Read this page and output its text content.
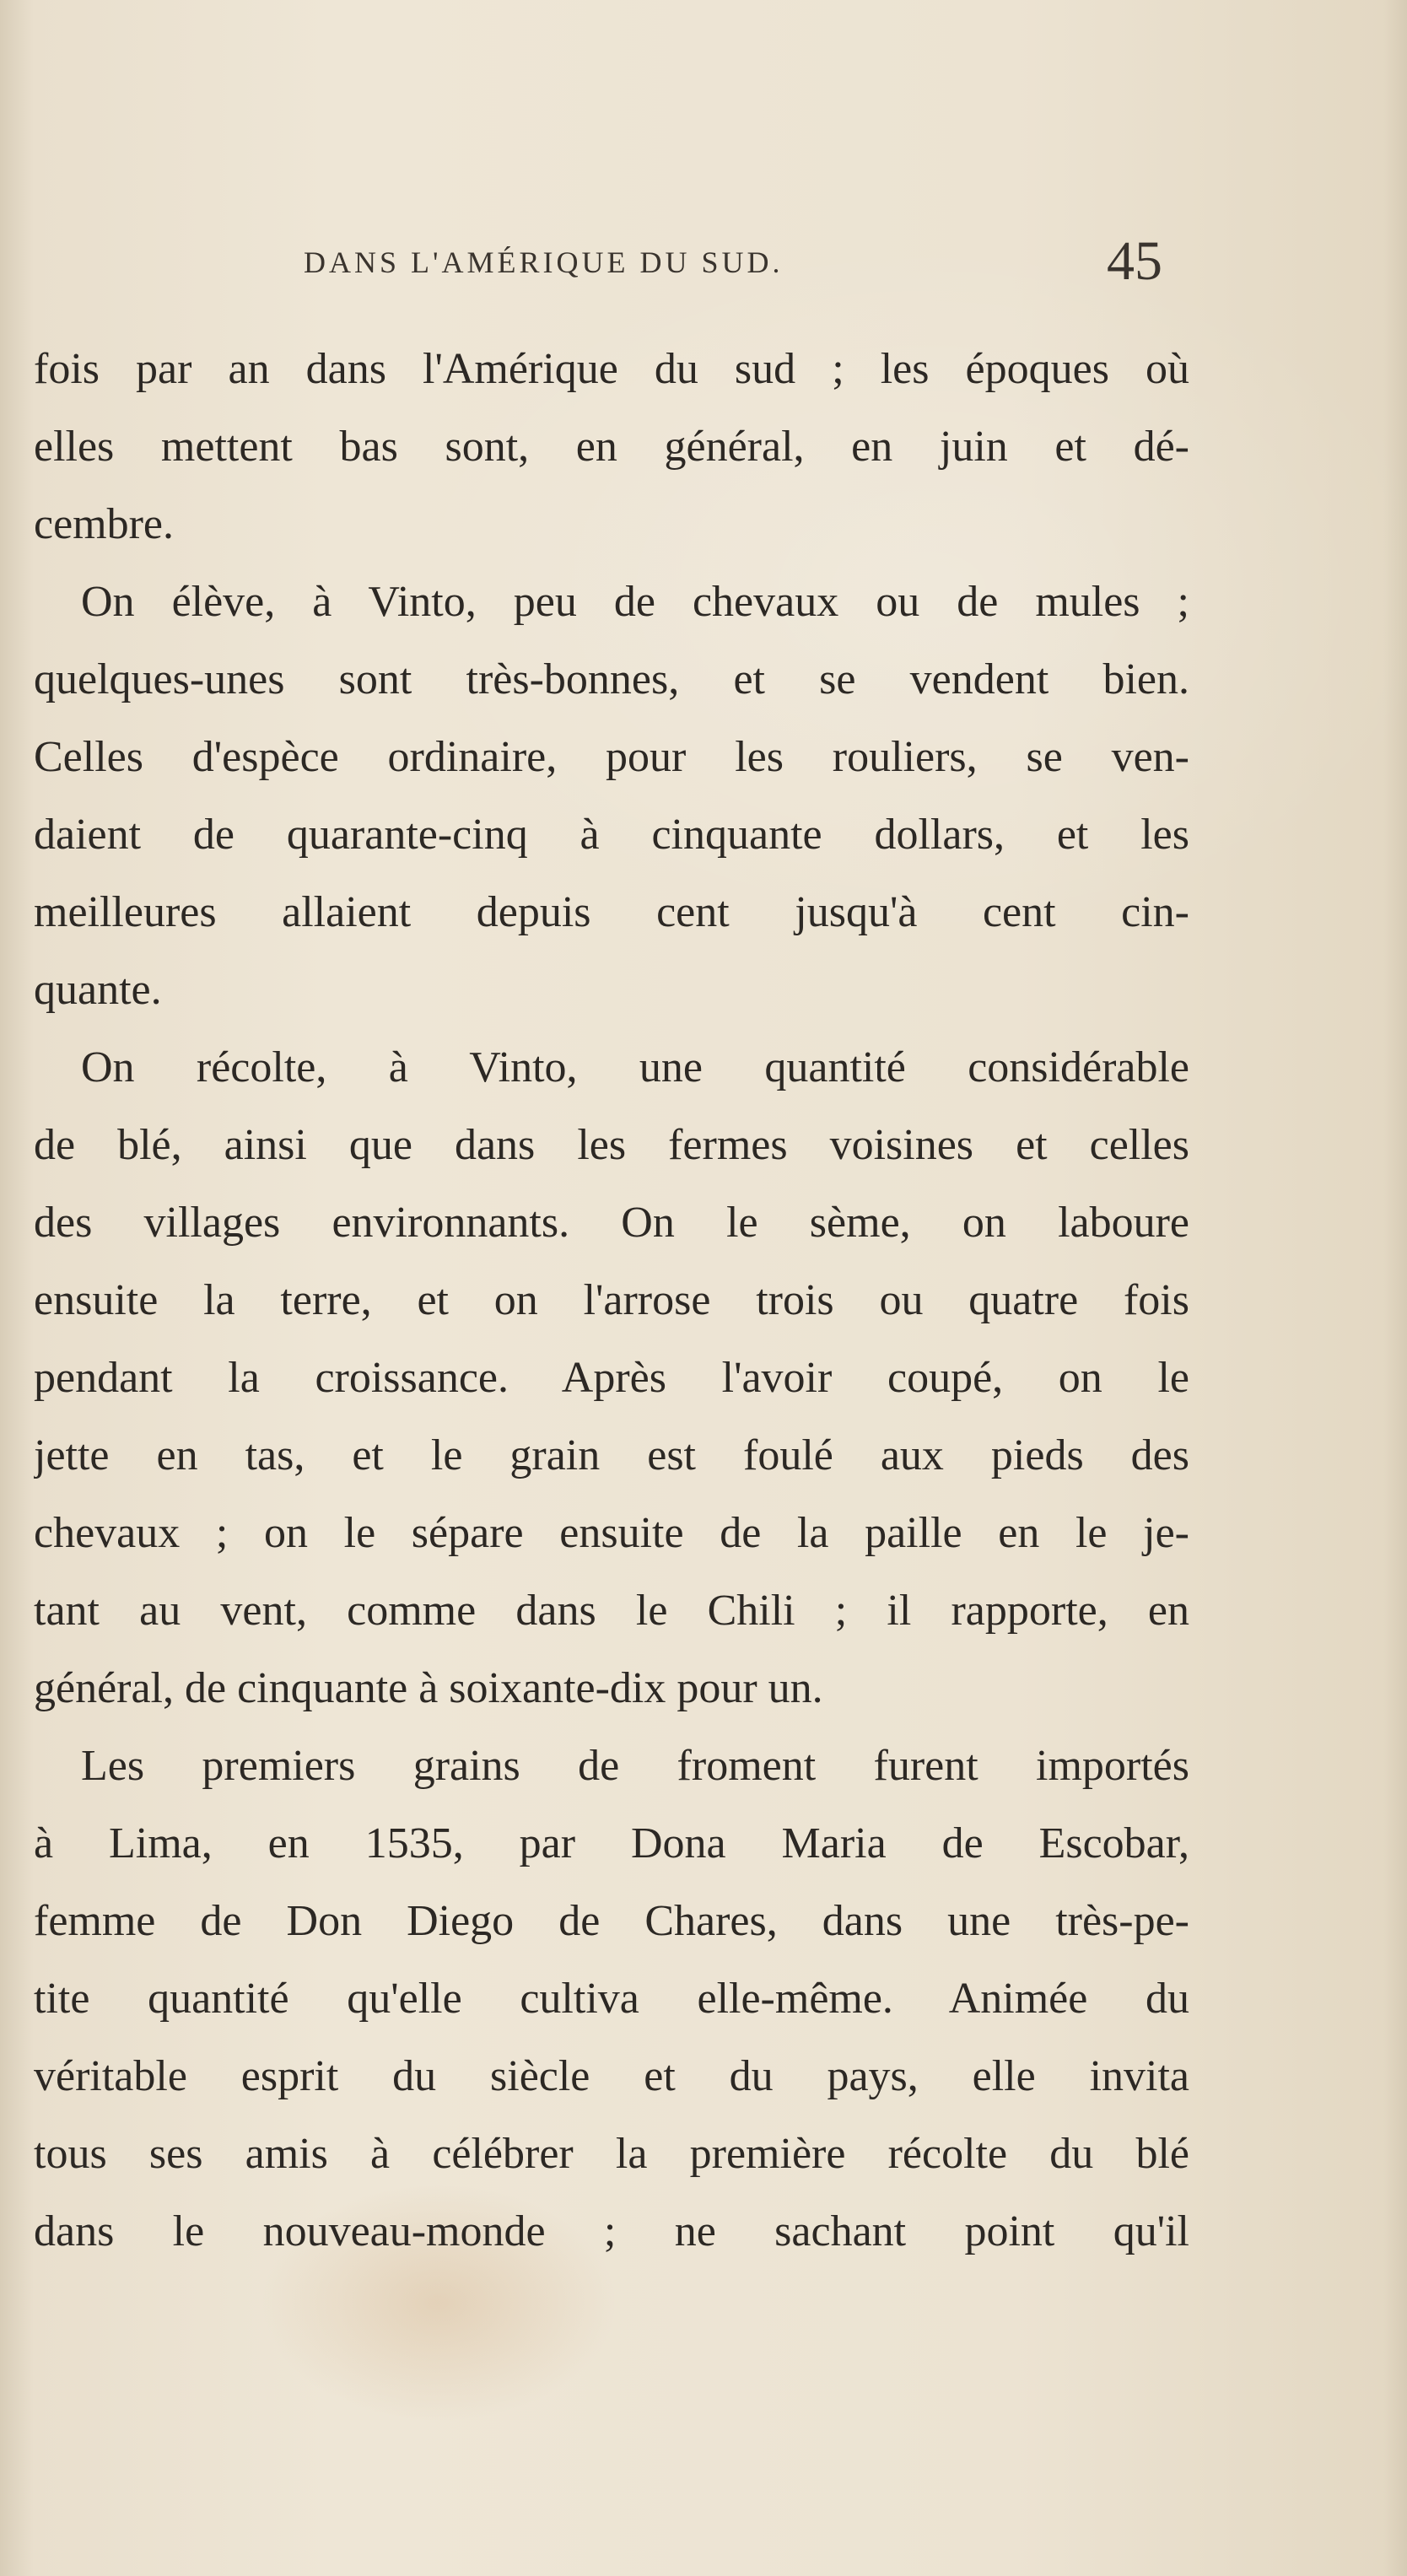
DANS L'AMÉRIQUE DU SUD.	45
fois par an dans l'Amérique du sud ; les époques où
elles mettent bas sont, en général, en juin et dé-
cembre.
On élève, à Vinto, peu de chevaux ou de mules ;
quelques-unes sont très-bonnes, et se vendent bien.
Celles d'espèce ordinaire, pour les rouliers, se ven-
daient de quarante-cinq à cinquante dollars, et les
meilleures allaient depuis cent jusqu'à cent cin-
quante.
On récolte, à Vinto, une quantité considérable
de blé, ainsi que dans les fermes voisines et celles
des villages environnants. On le sème, on laboure
ensuite la terre, et on l'arrose trois ou quatre fois
pendant la croissance. Après l'avoir coupé, on le
jette en tas, et le grain est foulé aux pieds des
chevaux ; on le sépare ensuite de la paille en le je-
tant au vent, comme dans le Chili ; il rapporte, en
général, de cinquante à soixante-dix pour un.
Les premiers grains de froment furent importés
à Lima, en 1535, par Dona Maria de Escobar,
femme de Don Diego de Chares, dans une très-pe-
tite quantité qu'elle cultiva elle-même. Animée du
véritable esprit du siècle et du pays, elle invita
tous ses amis à célébrer la première récolte du blé
dans le nouveau-monde ; ne sachant point qu'il
